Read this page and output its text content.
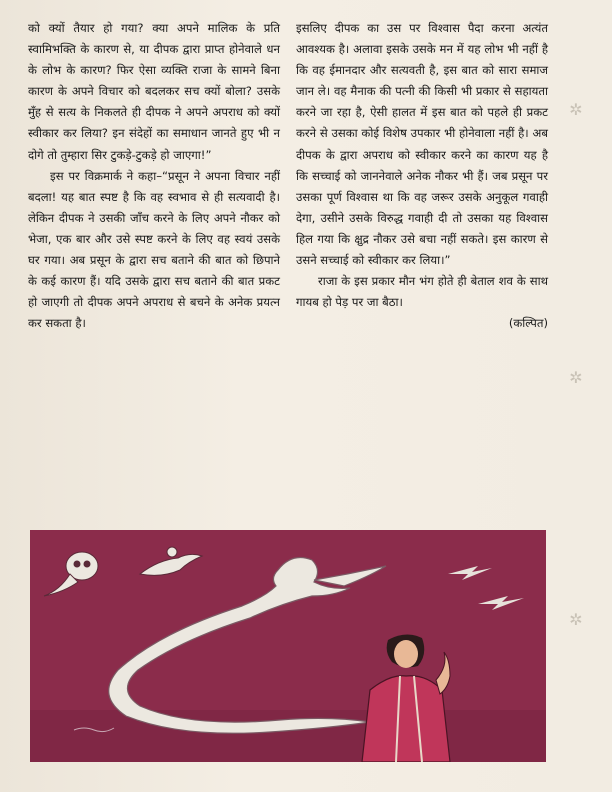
को क्यों तैयार हो गया? क्या अपने मालिक के प्रति स्वामिभक्ति के कारण से, या दीपक द्वारा प्राप्त होनेवाले धन के लोभ के कारण? फिर ऐसा व्यक्ति राजा के सामने बिना कारण के अपने विचार को बदलकर सच क्यों बोला? उसके मुँह से सत्य के निकलते ही दीपक ने अपने अपराध को क्यों स्वीकार कर लिया? इन संदेहों का समाधान जानते हुए भी न दोगे तो तुम्हारा सिर टुकड़े-टुकड़े हो जाएगा!”

इस पर विक्रमार्क ने कहा–“प्रसून ने अपना विचार नहीं बदला! यह बात स्पष्ट है कि वह स्वभाव से ही सत्यवादी है। लेकिन दीपक ने उसकी जाँच करने के लिए अपने नौकर को भेजा, एक बार और उसे स्पष्ट करने के लिए वह स्वयं उसके घर गया। अब प्रसून के द्वारा सच बताने की बात को छिपाने के कई कारण हैं। यदि उसके द्वारा सच बताने की बात प्रकट हो जाएगी तो दीपक अपने अपराध से बचने के अनेक प्रयत्न कर सकता है।

इसलिए दीपक का उस पर विश्वास पैदा करना अत्यंत आवश्यक है। अलावा इसके उसके मन में यह लोभ भी नहीं है कि वह ईमानदार और सत्यवती है, इस बात को सारा समाज जान ले। वह मैनाक की पत्नी की किसी भी प्रकार से सहायता करने जा रहा है, ऐसी हालत में इस बात को पहले ही प्रकट करने से उसका कोई विशेष उपकार भी होनेवाला नहीं है। अब दीपक के द्वारा अपराध को स्वीकार करने का कारण यह है कि सच्चाई को जाननेवाले अनेक नौकर भी हैं। जब प्रसून पर उसका पूर्ण विश्वास था कि वह जरूर उसके अनुकूल गवाही देगा, उसीने उसके विरुद्ध गवाही दी तो उसका यह विश्वास हिल गया कि क्षुद्र नौकर उसे बचा नहीं सकते। इस कारण से उसने सच्चाई को स्वीकार कर लिया।”

राजा के इस प्रकार मौन भंग होते ही बेताल शव के साथ गायब हो पेड़ पर जा बैठा।

(कल्पित)

✲
✲
✲
